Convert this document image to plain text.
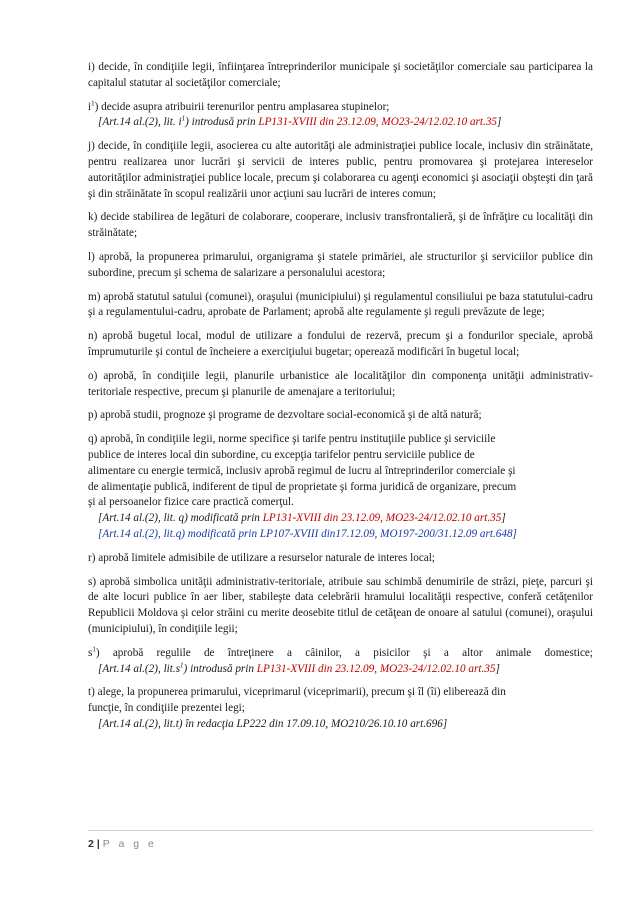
i) decide, în condiţiile legii, înfiinţarea întreprinderilor municipale şi societăţilor comerciale sau participarea la capitalul statutar al societăţilor comerciale;

$i^1$) decide asupra atribuirii terenurilor pentru amplasarea stupinelor;
[Art.14 al.(2), lit. $i^1$) introdusă prin LP131-XVIII din 23.12.09, MO23-24/12.02.10 art.35]

j) decide, în condiţiile legii, asocierea cu alte autorităţi ale administraţiei publice locale, inclusiv din străinătate, pentru realizarea unor lucrări şi servicii de interes public, pentru promovarea şi protejarea intereselor autorităţilor administraţiei publice locale, precum şi colaborarea cu agenţi economici şi asociaţii obşteşti din ţară şi din străinătate în scopul realizării unor acţiuni sau lucrări de interes comun;

k) decide stabilirea de legături de colaborare, cooperare, inclusiv transfrontalieră, şi de înfrăţire cu localităţi din străinătate;

l) aprobă, la propunerea primarului, organigrama şi statele primăriei, ale structurilor şi serviciilor publice din subordine, precum şi schema de salarizare a personalului acestora;

m) aprobă statutul satului (comunei), oraşului (municipiului) şi regulamentul consiliului pe baza statutului-cadru şi a regulamentului-cadru, aprobate de Parlament; aprobă alte regulamente şi reguli prevăzute de lege;

n) aprobă bugetul local, modul de utilizare a fondului de rezervă, precum şi a fondurilor speciale, aprobă împrumuturile şi contul de încheiere a exerciţiului bugetar; operează modificări în bugetul local;

o) aprobă, în condiţiile legii, planurile urbanistice ale localităţilor din componenţa unităţii administrativ-teritoriale respective, precum şi planurile de amenajare a teritoriului;

p) aprobă studii, prognoze şi programe de dezvoltare social-economică şi de altă natură;

q) aprobă, în condiţiile legii, norme specifice şi tarife pentru instituţiile publice şi serviciile
publice de interes local din subordine, cu excepţia tarifelor pentru serviciile publice de
alimentare cu energie termică, inclusiv aprobă regimul de lucru al întreprinderilor comerciale şi
de alimentaţie publică, indiferent de tipul de proprietate şi forma juridică de organizare, precum
şi al persoanelor fizice care practică comerţul.
[Art.14 al.(2), lit. q) modificată prin LP131-XVIII din 23.12.09, MO23-24/12.02.10 art.35]
[Art.14 al.(2), lit.q) modificată prin LP107-XVIII din17.12.09, MO197-200/31.12.09 art.648]

r) aprobă limitele admisibile de utilizare a resurselor naturale de interes local;

s) aprobă simbolica unităţii administrativ-teritoriale, atribuie sau schimbă denumirile de străzi, pieţe, parcuri şi de alte locuri publice în aer liber, stabileşte data celebrării hramului localităţii respective, conferă cetăţenilor Republicii Moldova şi celor străini cu merite deosebite titlul de cetăţean de onoare al satului (comunei), oraşului (municipiului), în condiţiile legii;

$s^1$) aprobă regulile de întreţinere a câinilor, a pisicilor şi a altor animale domestice;
[Art.14 al.(2), $lit.s^1$) introdusă prin LP131-XVIII din 23.12.09, MO23-24/12.02.10 art.35]
t) alege, la propunerea primarului, viceprimarul (viceprimarii), precum şi îl (îi) eliberează din
funcţie, în condiţiile prezentei legi;
[Art.14 al.(2), lit.t) în redacţia LP222 din 17.09.10, MO210/26.10.10 art.696]
2 | P a g e
